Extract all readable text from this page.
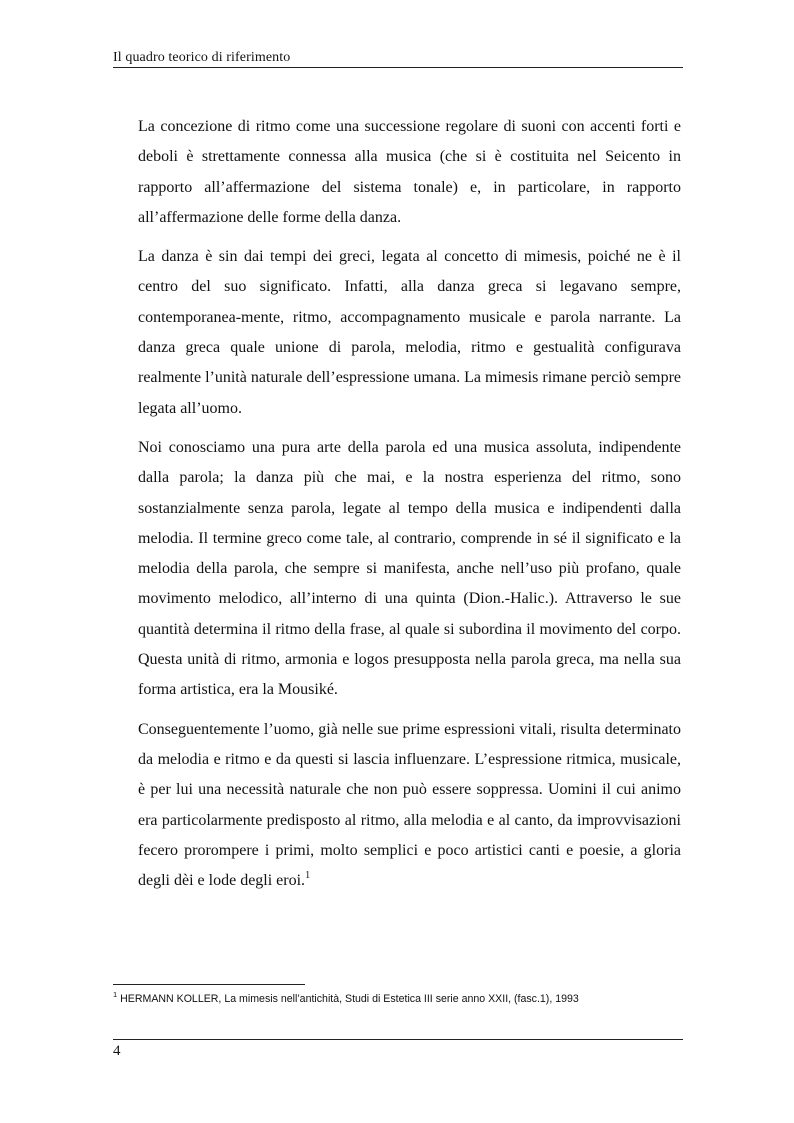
Il quadro teorico di riferimento

La concezione di ritmo come una successione regolare di suoni con accenti forti e deboli è strettamente connessa alla musica (che si è costituita nel Seicento in rapporto all’affermazione del sistema tonale) e, in particolare, in rapporto all’affermazione delle forme della danza.

La danza è sin dai tempi dei greci, legata al concetto di mimesis, poiché ne è il centro del suo significato. Infatti, alla danza greca si legavano sempre, contemporanea-mente, ritmo, accompagnamento musicale e parola narrante. La danza greca quale unione di parola, melodia, ritmo e gestualità configurava realmente l’unità naturale dell’espressione umana. La mimesis rimane perciò sempre legata all’uomo.

Noi conosciamo una pura arte della parola ed una musica assoluta, indipendente dalla parola; la danza più che mai, e la nostra esperienza del ritmo, sono sostanzialmente senza parola, legate al tempo della musica e indipendenti dalla melodia. Il termine greco come tale, al contrario, comprende in sé il significato e la melodia della parola, che sempre si manifesta, anche nell’uso più profano, quale movimento melodico, all’interno di una quinta (Dion.-Halic.). Attraverso le sue quantità determina il ritmo della frase, al quale si subordina il movimento del corpo. Questa unità di ritmo, armonia e logos presupposta nella parola greca, ma nella sua forma artistica, era la Mousiké.

Conseguentemente l’uomo, già nelle sue prime espressioni vitali, risulta determinato da melodia e ritmo e da questi si lascia influenzare. L’espressione ritmica, musicale, è per lui una necessità naturale che non può essere soppressa. Uomini il cui animo era particolarmente predisposto al ritmo, alla melodia e al canto, da improvvisazioni fecero prorompere i primi, molto semplici e poco artistici canti e poesie, a gloria degli dèi e lode degli eroi.$^1$

$^1$ HERMANN KOLLER, La mimesis nell’antichità, Studi di Estetica III serie anno XXII, (fasc.1), 1993
4
